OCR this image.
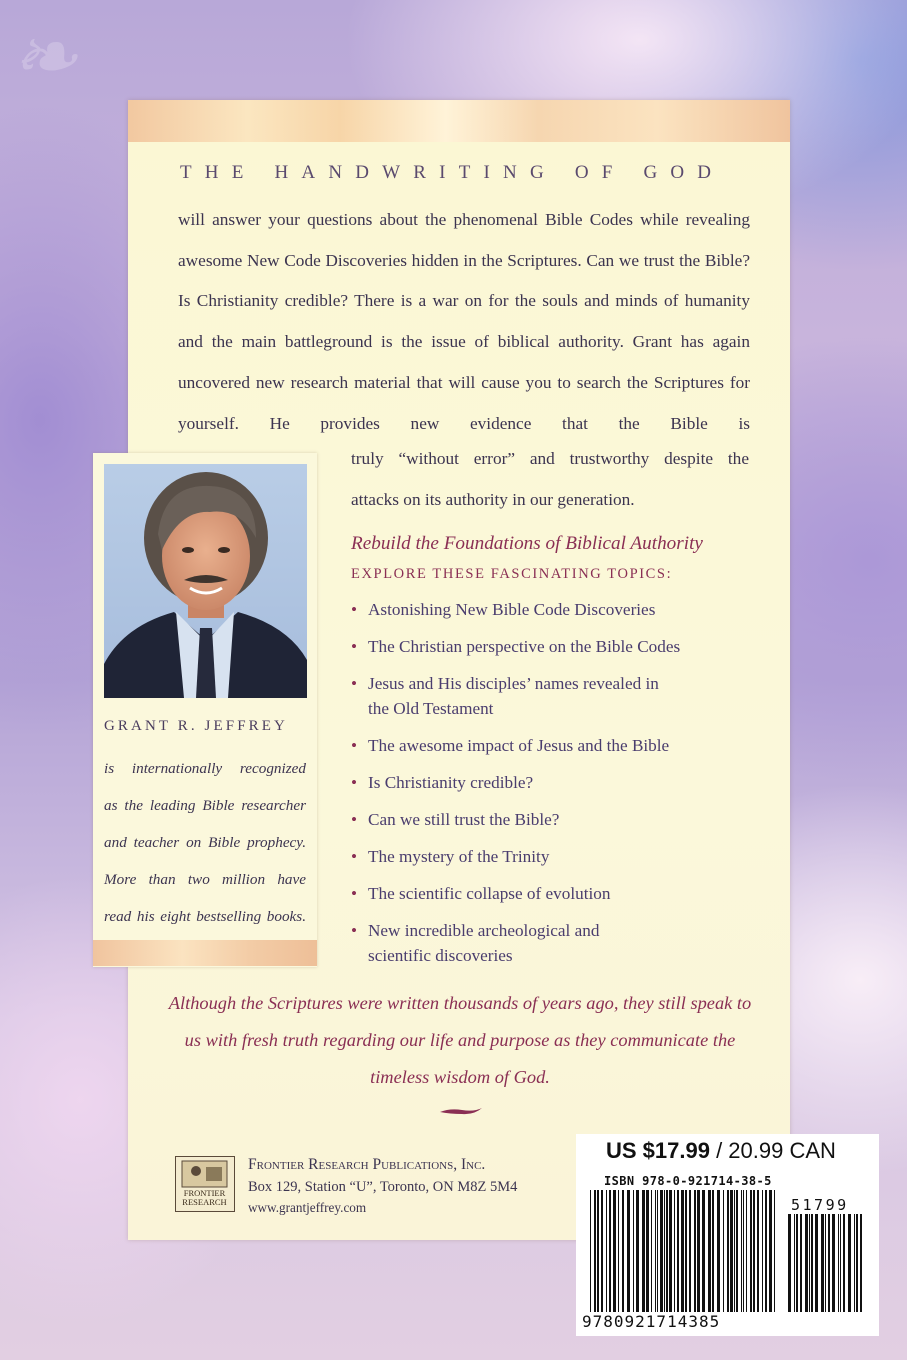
❧
THE HANDWRITING OF GOD
will answer your questions about the phenomenal Bible Codes while revealing awesome New Code Discoveries hidden in the Scriptures. Can we trust the Bible? Is Christianity credible? There is a war on for the souls and minds of humanity and the main battleground is the issue of biblical authority. Grant has again uncovered new research material that will cause you to search the Scriptures for yourself. He provides new evidence that the Bible is
truly “without error” and trustworthy despite the
attacks on its authority in our generation.
GRANT R. JEFFREY
is internationally recognized
as the leading Bible researcher
and teacher on Bible prophecy.
More than two million have
read his eight bestselling books.
Rebuild the Foundations of Biblical Authority
EXPLORE THESE FASCINATING TOPICS:
• Astonishing New Bible Code Discoveries
• The Christian perspective on the Bible Codes
• Jesus and His disciples’ names revealed in the Old Testament
• The awesome impact of Jesus and the Bible
• Is Christianity credible?
• Can we still trust the Bible?
• The mystery of the Trinity
• The scientific collapse of evolution
• New incredible archeological and scientific discoveries
Although the Scriptures were written thousands of years ago, they still speak to us with fresh truth regarding our life and purpose as they communicate the timeless wisdom of God.
FRONTIER
RESEARCH
Frontier Research Publications, Inc.
Box 129, Station “U”, Toronto, ON M8Z 5M4
www.grantjeffrey.com
US $17.99 / 20.99 CAN
ISBN 978-0-921714-38-5
51799
9780921714385
